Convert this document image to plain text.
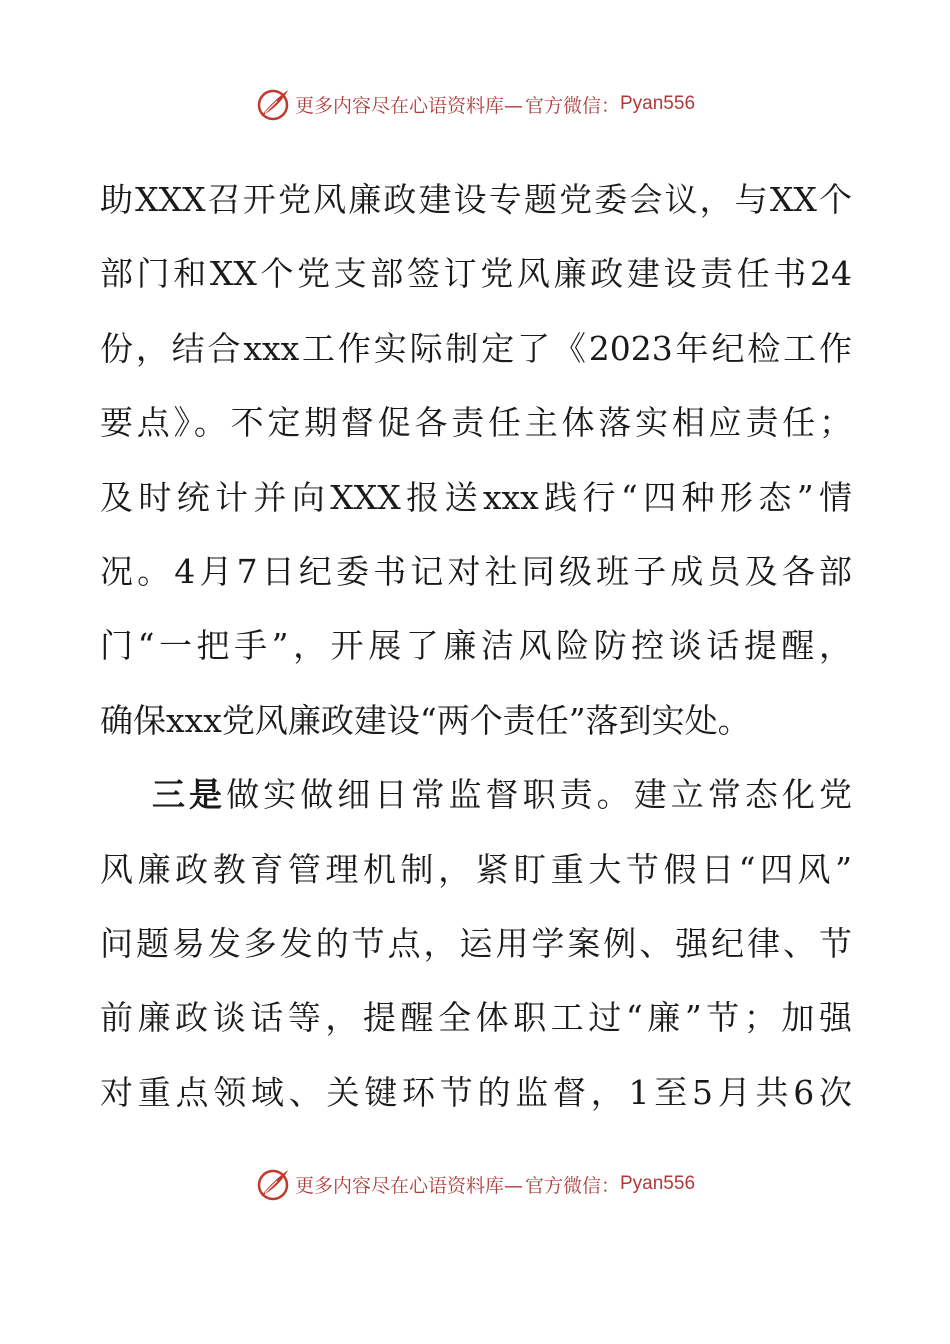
更多内容尽在心语资料库— 官方微信： Pyan556
助XXX召开党风廉政建设专题党委会议，与XX个
部门和XX个党支部签订党风廉政建设责任书24
份，结合xxx工作实际制定了《2023年纪检工作
要点》。不定期督促各责任主体落实相应责任；
及时统计并向XXX报送xxx践行“四种形态”情
况。4月7日纪委书记对社同级班子成员及各部
门“一把手”，开展了廉洁风险防控谈话提醒，
确保xxx党风廉政建设“两个责任”落到实处。
三是做实做细日常监督职责。建立常态化党
风廉政教育管理机制，紧盯重大节假日“四风”
问题易发多发的节点，运用学案例、强纪律、节
前廉政谈话等，提醒全体职工过“廉”节；加强
对重点领域、关键环节的监督，1至5月共6次
更多内容尽在心语资料库— 官方微信： Pyan556
